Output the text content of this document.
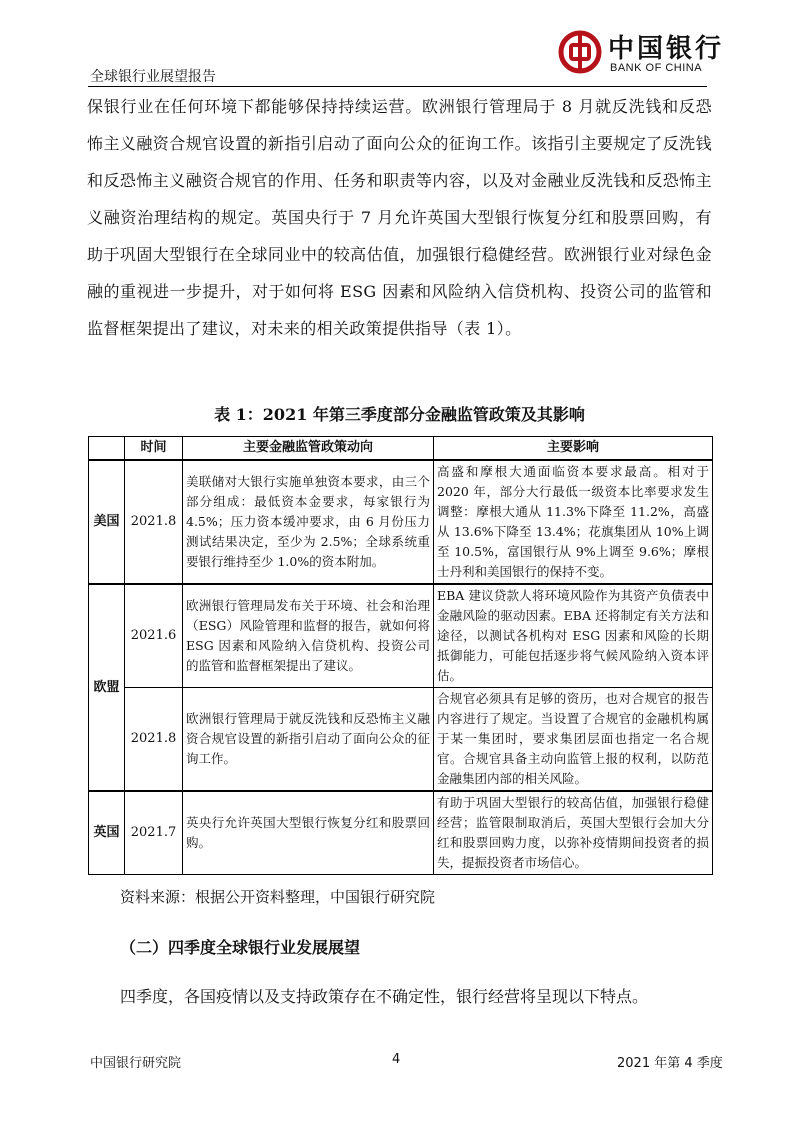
全球银行业展望报告
中国银行
BANK OF CHINA
保银行业在任何环境下都能够保持持续运营。欧洲银行管理局于 8 月就反洗钱和反恐怖主义融资合规官设置的新指引启动了面向公众的征询工作。该指引主要规定了反洗钱和反恐怖主义融资合规官的作用、任务和职责等内容，以及对金融业反洗钱和反恐怖主义融资治理结构的规定。英国央行于 7 月允许英国大型银行恢复分红和股票回购，有助于巩固大型银行在全球同业中的较高估值，加强银行稳健经营。欧洲银行业对绿色金融的重视进一步提升，对于如何将 ESG 因素和风险纳入信贷机构、投资公司的监管和监督框架提出了建议，对未来的相关政策提供指导（表 1）。
表 1：2021 年第三季度部分金融监管政策及其影响
	时间	主要金融监管政策动向	主要影响
美国	2021.8	美联储对大银行实施单独资本要求，由三个部分组成：最低资本金要求，每家银行为 4.5%；压力资本缓冲要求，由 6 月份压力测试结果决定，至少为 2.5%；全球系统重要银行维持至少 1.0%的资本附加。	高盛和摩根大通面临资本要求最高。相对于 2020 年，部分大行最低一级资本比率要求发生调整：摩根大通从 11.3%下降至 11.2%，高盛从 13.6%下降至 13.4%；花旗集团从 10%上调至 10.5%，富国银行从 9%上调至 9.6%；摩根士丹利和美国银行的保持不变。
欧盟	2021.6	欧洲银行管理局发布关于环境、社会和治理（ESG）风险管理和监督的报告，就如何将 ESG 因素和风险纳入信贷机构、投资公司的监管和监督框架提出了建议。	EBA 建议贷款人将环境风险作为其资产负债表中金融风险的驱动因素。EBA 还将制定有关方法和途径，以测试各机构对 ESG 因素和风险的长期抵御能力，可能包括逐步将气候风险纳入资本评估。
	2021.8	欧洲银行管理局于就反洗钱和反恐怖主义融资合规官设置的新指引启动了面向公众的征询工作。	合规官必须具有足够的资历，也对合规官的报告内容进行了规定。当设置了合规官的金融机构属于某一集团时，要求集团层面也指定一名合规官。合规官具备主动向监管上报的权利，以防范金融集团内部的相关风险。
英国	2021.7	英央行允许英国大型银行恢复分红和股票回购。	有助于巩固大型银行的较高估值，加强银行稳健经营；监管限制取消后，英国大型银行会加大分红和股票回购力度，以弥补疫情期间投资者的损失，提振投资者市场信心。
资料来源：根据公开资料整理，中国银行研究院
（二）四季度全球银行业发展展望
四季度，各国疫情以及支持政策存在不确定性，银行经营将呈现以下特点。
中国银行研究院	4	2021 年第 4 季度
